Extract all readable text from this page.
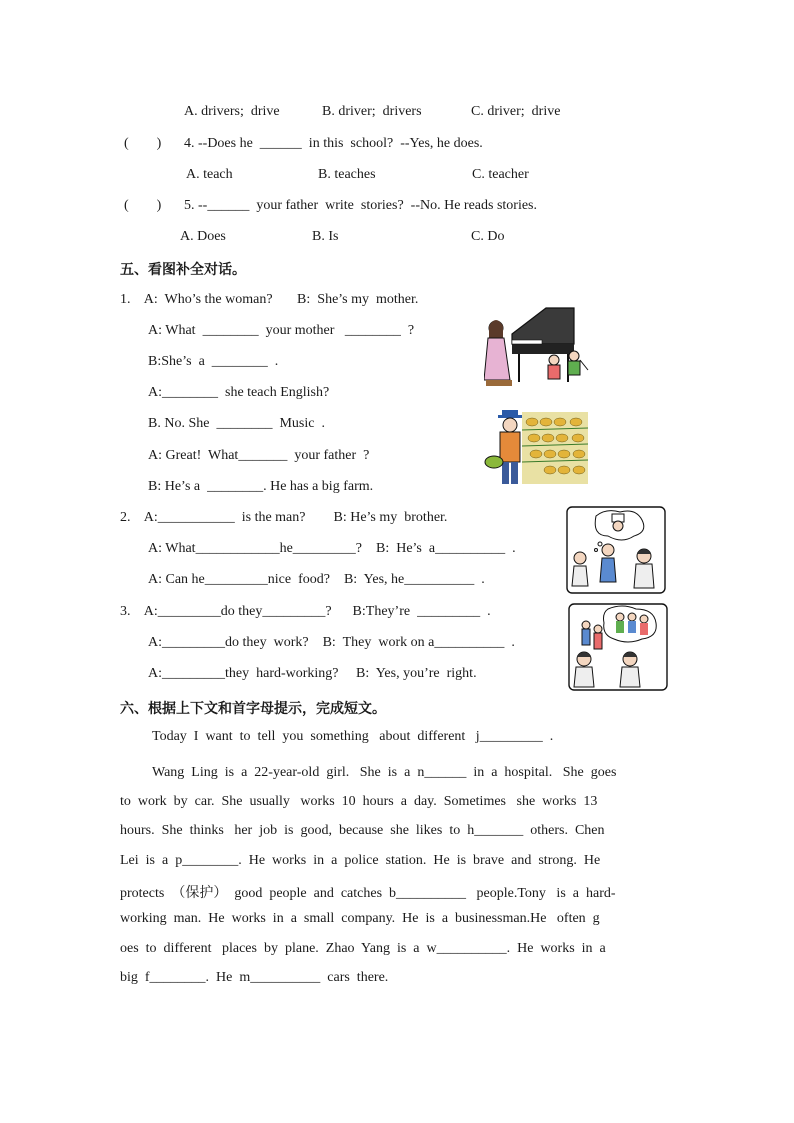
A. drivers;  drive	B. driver;  drivers	C. driver;  drive
(        ) 4. --Does he  ______  in this  school?  --Yes, he does.
A. teach	B. teaches	C. teacher
(        ) 5. --______  your father  write  stories?  --No. He reads stories.
A. Does	B. Is	C. Do
五、看图补全对话。
1.    A:  Who’s the woman?       B:  She’s my  mother.
A: What  ________  your mother   ________  ?
B:She’s  a  ________  .
A:________  she teach English?
B. No. She  ________  Music  .
A: Great!  What_______  your father  ?
B: He’s a  ________. He has a big farm.
2.    A:___________  is the man?        B: He’s my  brother.
A: What____________he_________?    B:  He’s  a__________  .
A: Can he_________nice  food?    B:  Yes, he__________  .
3.    A:_________do they_________?      B:They’re  _________  .
A:_________do they  work?    B:  They  work on a__________  .
A:_________they  hard-working?     B:  Yes, you’re  right.
六、根据上下文和首字母提示，完成短文。
Today  I  want  to  tell  you  something   about  different   j_________  .
Wang  Ling  is  a  22-year-old  girl.   She  is  a  n______  in  a  hospital.   She  goes
to  work  by  car.  She  usually   works  10  hours  a  day.  Sometimes   she  works  13
hours.  She  thinks   her  job  is  good,  because  she  likes  to  h_______  others.  Chen
Lei  is  a  p________.  He  works  in  a  police  station.  He  is  brave  and  strong.  He
protects  （保护）  good  people  and  catches  b__________   people.Tony   is  a  hard-
working  man.  He  works  in  a  small  company.  He  is  a  businessman.He   often  g
oes  to  different   places  by  plane.  Zhao  Yang  is  a  w__________.  He  works  in  a
big  f________.  He  m__________  cars  there.
